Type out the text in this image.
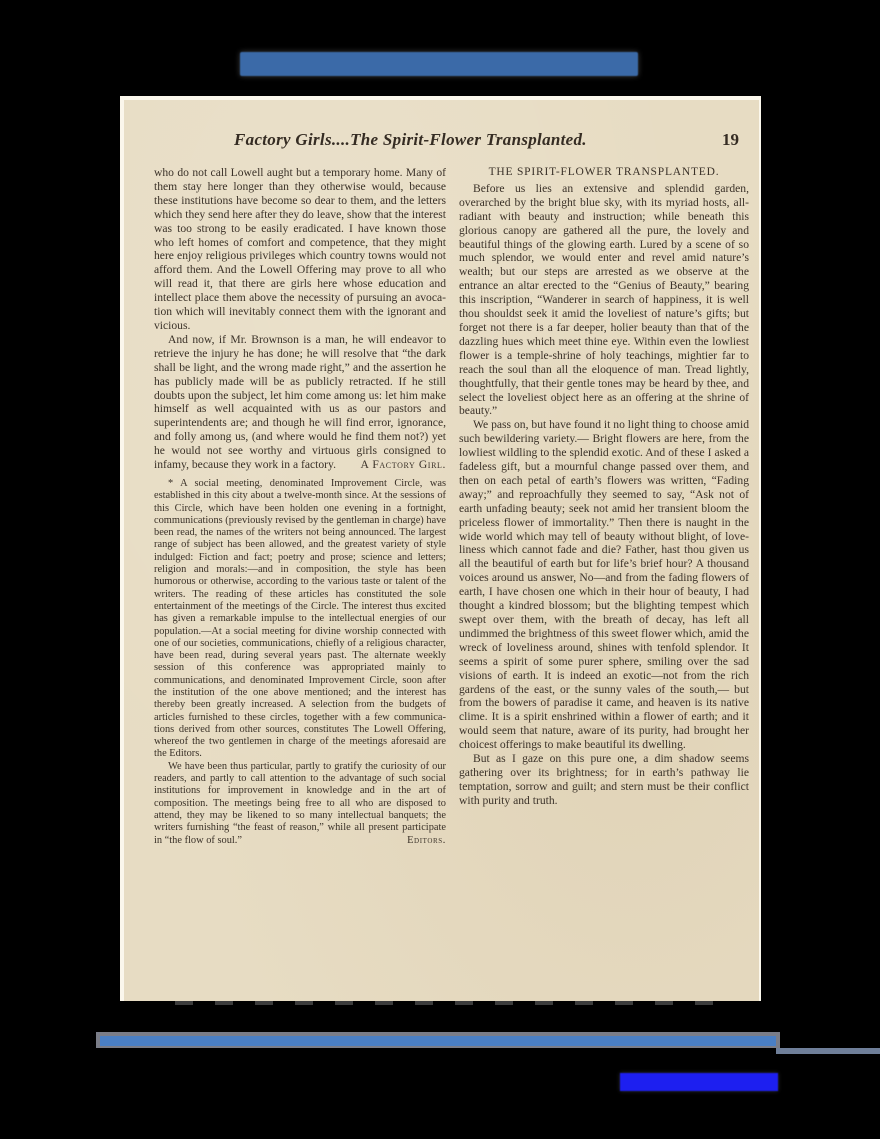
Factory Girls....The Spirit-Flower Transplanted.	19

who do not call Lowell aught but a temporary home. Many of them stay here longer than they otherwise would, because these institutions have become so dear to them, and the letters which they send here after they do leave, show that the interest was too strong to be easily eradicated. I have known those who left homes of comfort and competence, that they might here enjoy religious privileges which country towns would not afford them. And the Lowell Offering may prove to all who will read it, that there are girls here whose education and intellect place them above the necessity of pursuing an avocation which will inevitably connect them with the ignorant and vicious.

And now, if Mr. Brownson is a man, he will endeavor to retrieve the injury he has done; he will resolve that “the dark shall be light, and the wrong made right,” and the assertion he has publicly made will be as publicly retracted. If he still doubts upon the subject, let him come among us: let him make himself as well acquainted with us as our pastors and superintendents are; and though he will find error, ignorance, and folly among us, (and where would he find them not?) yet he would not see worthy and virtuous girls consigned to infamy, because they work in a factory.	A Factory Girl.

* A social meeting, denominated Improvement Circle, was established in this city about a twelve-month since. At the sessions of this Circle, which have been holden one evening in a fortnight, communications (previously revised by the gentleman in charge) have been read, the names of the writers not being announced. The largest range of subject has been allowed, and the greatest variety of style indulged: Fiction and fact; poetry and prose; science and letters; religion and morals:—and in composition, the style has been humorous or otherwise, according to the various taste or talent of the writers. The reading of these articles has constituted the sole entertainment of the meetings of the Circle. The interest thus excited has given a remarkable impulse to the intellectual energies of our population.—At a social meeting for divine worship connected with one of our societies, communications, chiefly of a religious character, have been read, during several years past. The alternate weekly session of this conference was appropriated mainly to communications, and denominated Improvement Circle, soon after the institution of the one above mentioned; and the interest has thereby been greatly increased. A selection from the budgets of articles furnished to these circles, together with a few communications derived from other sources, constitutes The Lowell Offering, whereof the two gentlemen in charge of the meetings aforesaid are the Editors.

We have been thus particular, partly to gratify the curiosity of our readers, and partly to call attention to the advantage of such social institutions for improvement in knowledge and in the art of composition. The meetings being free to all who are disposed to attend, they may be likened to so many intellectual banquets; the writers furnishing “the feast of reason,” while all present participate in “the flow of soul.”	Editors.

THE SPIRIT-FLOWER TRANSPLANTED.

Before us lies an extensive and splendid garden, overarched by the bright blue sky, with its myriad hosts, all-radiant with beauty and instruction; while beneath this glorious canopy are gathered all the pure, the lovely and beautiful things of the glowing earth. Lured by a scene of so much splendor, we would enter and revel amid nature’s wealth; but our steps are arrested as we observe at the entrance an altar erected to the “Genius of Beauty,” bearing this inscription, “Wanderer in search of happiness, it is well thou shouldst seek it amid the loveliest of nature’s gifts; but forget not there is a far deeper, holier beauty than that of the dazzling hues which meet thine eye. Within even the lowliest flower is a temple-shrine of holy teachings, mightier far to reach the soul than all the eloquence of man. Tread lightly, thoughtfully, that their gentle tones may be heard by thee, and select the loveliest object here as an offering at the shrine of beauty.”

We pass on, but have found it no light thing to choose amid such bewildering variety.— Bright flowers are here, from the lowliest wildling to the splendid exotic. And of these I asked a fadeless gift, but a mournful change passed over them, and then on each petal of earth’s flowers was written, “Fading away;” and reproachfully they seemed to say, “Ask not of earth unfading beauty; seek not amid her transient bloom the priceless flower of immortality.” Then there is naught in the wide world which may tell of beauty without blight, of loveliness which cannot fade and die? Father, hast thou given us all the beautiful of earth but for life’s brief hour? A thousand voices around us answer, No—and from the fading flowers of earth, I have chosen one which in their hour of beauty, I had thought a kindred blossom; but the blighting tempest which swept over them, with the breath of decay, has left all undimmed the brightness of this sweet flower which, amid the wreck of loveliness around, shines with tenfold splendor. It seems a spirit of some purer sphere, smiling over the sad visions of earth. It is indeed an exotic—not from the rich gardens of the east, or the sunny vales of the south,— but from the bowers of paradise it came, and heaven is its native clime. It is a spirit enshrined within a flower of earth; and it would seem that nature, aware of its purity, had brought her choicest offerings to make beautiful its dwelling.

But as I gaze on this pure one, a dim shadow seems gathering over its brightness; for in earth’s pathway lie temptation, sorrow and guilt; and stern must be their conflict with purity and truth.
